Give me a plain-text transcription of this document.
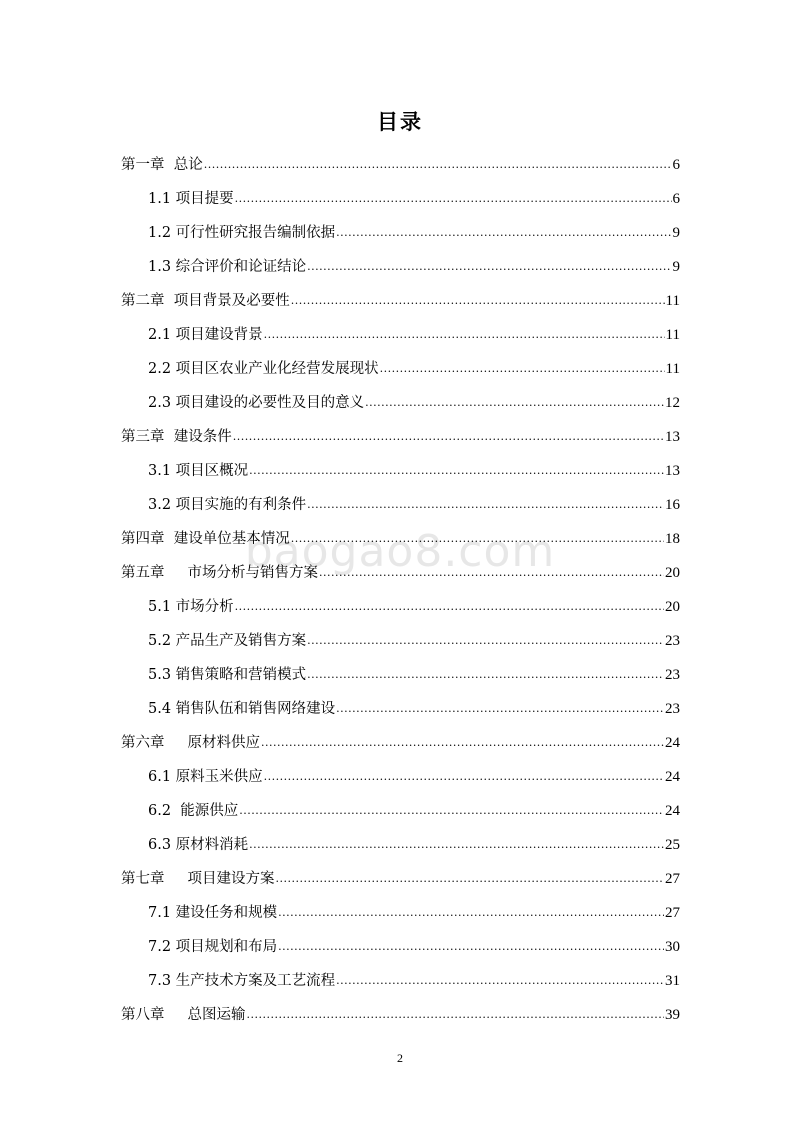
目录
baogao8.com
第一章  总论 .....	6
1.1 项目提要 .....	6
1.2 可行性研究报告编制依据 .....	9
1.3 综合评价和论证结论 .....	9
第二章  项目背景及必要性 .....	11
2.1 项目建设背景 .....	11
2.2 项目区农业产业化经营发展现状 .....	11
2.3 项目建设的必要性及目的意义 .....	12
第三章  建设条件 .....	13
3.1 项目区概况 .....	13
3.2 项目实施的有利条件 .....	16
第四章  建设单位基本情况 .....	18
第五章     市场分析与销售方案 .....	20
5.1 市场分析 .....	20
5.2 产品生产及销售方案 .....	23
5.3 销售策略和营销模式 .....	23
5.4 销售队伍和销售网络建设 .....	23
第六章     原材料供应 .....	24
6.1 原料玉米供应 .....	24
6.2  能源供应 .....	24
6.3 原材料消耗 .....	25
第七章     项目建设方案 .....	27
7.1 建设任务和规模 .....	27
7.2 项目规划和布局 .....	30
7.3 生产技术方案及工艺流程 .....	31
第八章     总图运输 .....	39
2
